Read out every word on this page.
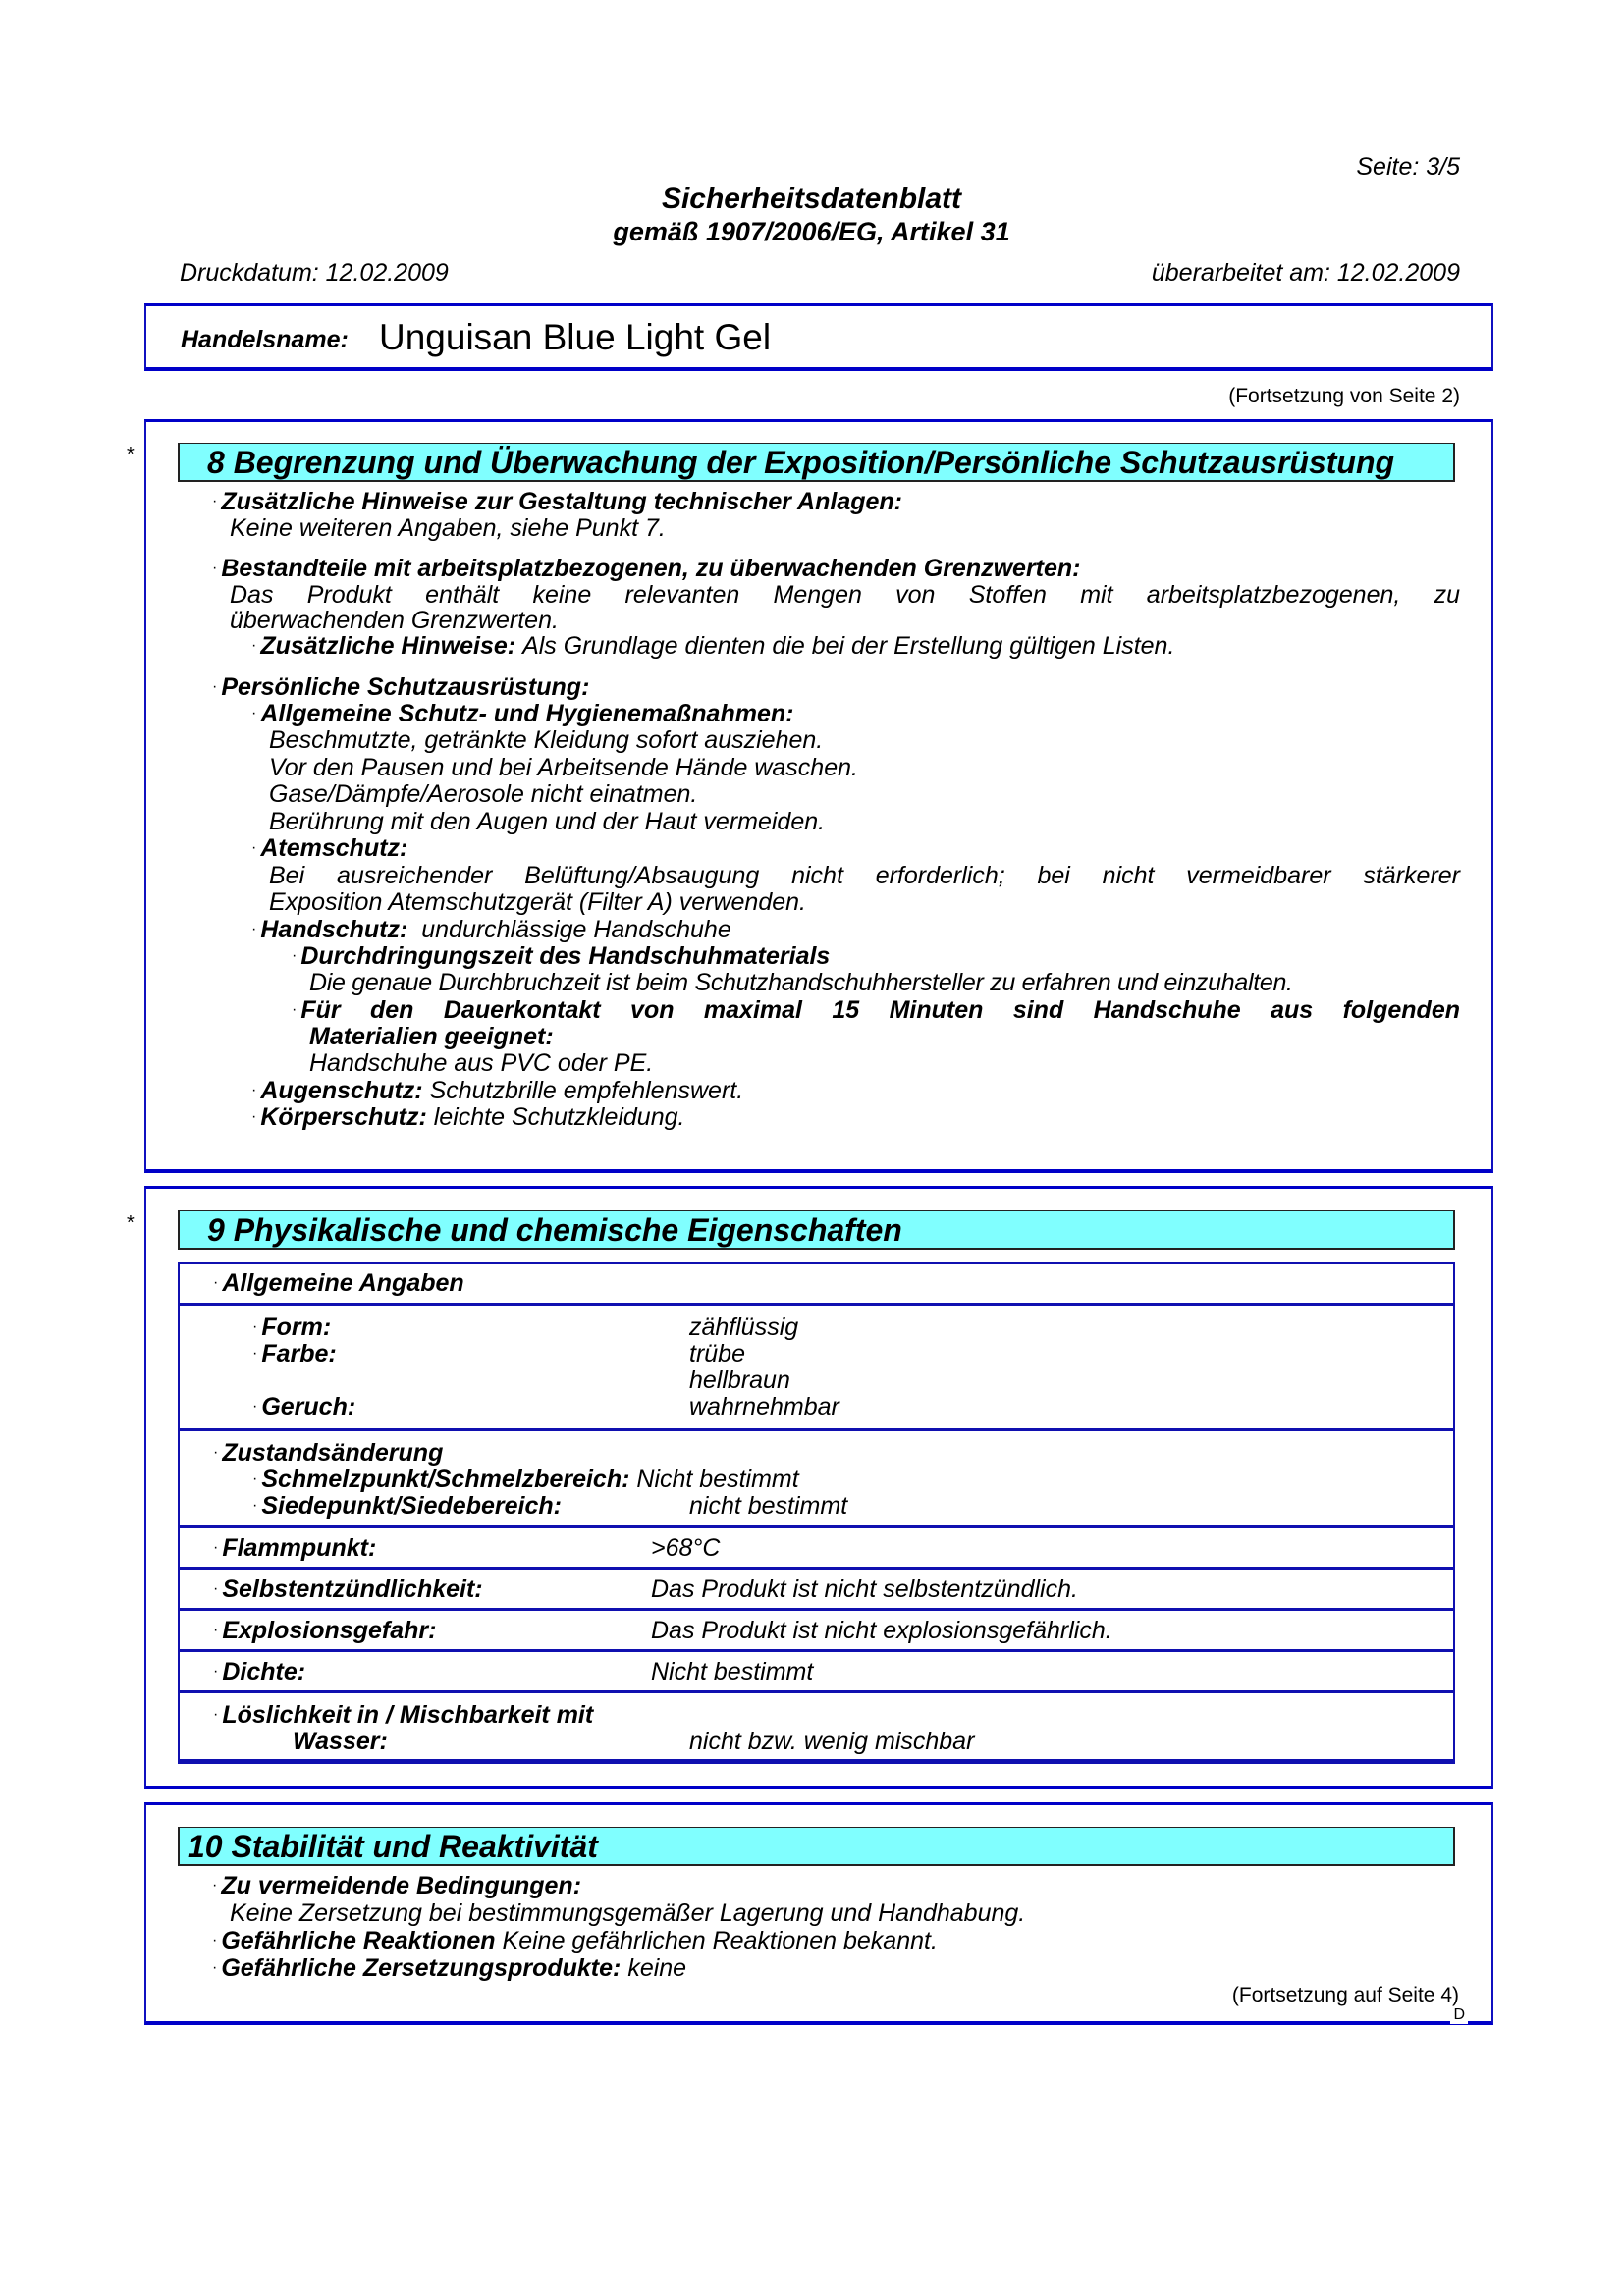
Seite: 3/5
Sicherheitsdatenblatt
gemäß 1907/2006/EG, Artikel 31
Druckdatum: 12.02.2009	überarbeitet am: 12.02.2009
Handelsname: Unguisan Blue Light Gel
(Fortsetzung von Seite 2)
*	8 Begrenzung und Überwachung der Exposition/Persönliche Schutzausrüstung
· Zusätzliche Hinweise zur Gestaltung technischer Anlagen:
Keine weiteren Angaben, siehe Punkt 7.
· Bestandteile mit arbeitsplatzbezogenen, zu überwachenden Grenzwerten:
Das Produkt enthält keine relevanten Mengen von Stoffen mit arbeitsplatzbezogenen, zu
überwachenden Grenzwerten.
· Zusätzliche Hinweise: Als Grundlage dienten die bei der Erstellung gültigen Listen.
· Persönliche Schutzausrüstung:
· Allgemeine Schutz- und Hygienemaßnahmen:
Beschmutzte, getränkte Kleidung sofort ausziehen.
Vor den Pausen und bei Arbeitsende Hände waschen.
Gase/Dämpfe/Aerosole nicht einatmen.
Berührung mit den Augen und der Haut vermeiden.
· Atemschutz:
Bei ausreichender Belüftung/Absaugung nicht erforderlich; bei nicht vermeidbarer stärkerer
Exposition Atemschutzgerät (Filter A) verwenden.
· Handschutz: undurchlässige Handschuhe
· Durchdringungszeit des Handschuhmaterials
Die genaue Durchbruchzeit ist beim Schutzhandschuhhersteller zu erfahren und einzuhalten.
· Für den Dauerkontakt von maximal 15 Minuten sind Handschuhe aus folgenden
Materialien geeignet:
Handschuhe aus PVC oder PE.
· Augenschutz: Schutzbrille empfehlenswert.
· Körperschutz: leichte Schutzkleidung.
*	9 Physikalische und chemische Eigenschaften
· Allgemeine Angaben
· Form:	zähflüssig
· Farbe:	trübe
hellbraun
· Geruch:	wahrnehmbar
· Zustandsänderung
· Schmelzpunkt/Schmelzbereich: Nicht bestimmt
· Siedepunkt/Siedebereich:	nicht bestimmt
· Flammpunkt:	>68°C
· Selbstentzündlichkeit:	Das Produkt ist nicht selbstentzündlich.
· Explosionsgefahr:	Das Produkt ist nicht explosionsgefährlich.
· Dichte:	Nicht bestimmt
· Löslichkeit in / Mischbarkeit mit
Wasser:	nicht bzw. wenig mischbar
10 Stabilität und Reaktivität
· Zu vermeidende Bedingungen:
Keine Zersetzung bei bestimmungsgemäßer Lagerung und Handhabung.
· Gefährliche Reaktionen Keine gefährlichen Reaktionen bekannt.
· Gefährliche Zersetzungsprodukte: keine
(Fortsetzung auf Seite 4)
D
